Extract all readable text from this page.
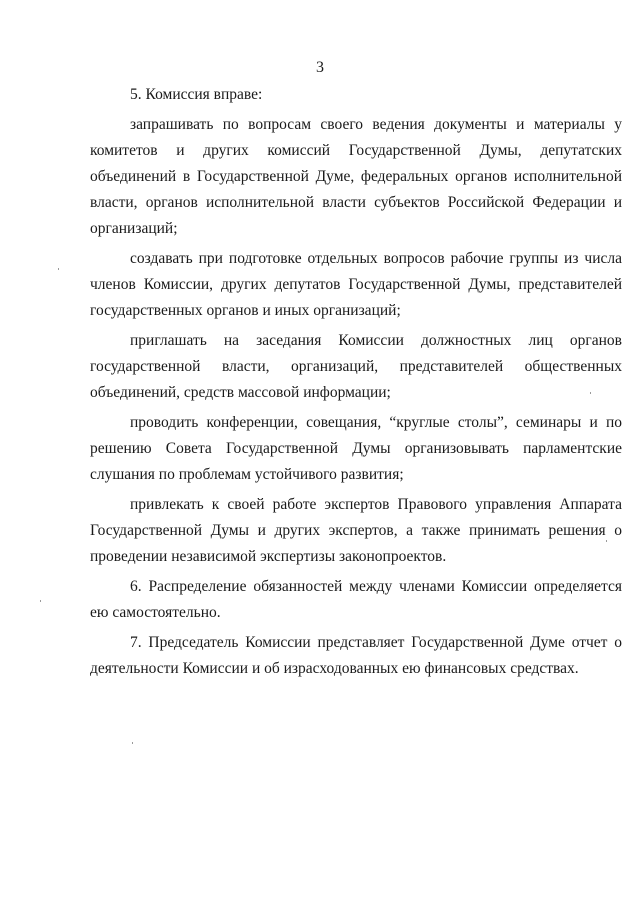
3

5. Комиссия вправе:

запрашивать по вопросам своего ведения документы и материалы у комитетов и других комиссий Государственной Думы, депутатских объединений в Государственной Думе, федеральных органов исполнительной власти, органов исполнительной власти субъектов Российской Федерации и организаций;

создавать при подготовке отдельных вопросов рабочие группы из числа членов Комиссии, других депутатов Государственной Думы, представителей государственных органов и иных организаций;

приглашать на заседания Комиссии должностных лиц органов государственной власти, организаций, представителей общественных объединений, средств массовой информации;

проводить конференции, совещания, “круглые столы”, семинары и по решению Совета Государственной Думы организовывать парламентские слушания по проблемам устойчивого развития;

привлекать к своей работе экспертов Правового управления Аппарата Государственной Думы и других экспертов, а также принимать решения о проведении независимой экспертизы законопроектов.

6. Распределение обязанностей между членами Комиссии определяется ею самостоятельно.

7. Председатель Комиссии представляет Государственной Думе отчет о деятельности Комиссии и об израсходованных ею финансовых средствах.
